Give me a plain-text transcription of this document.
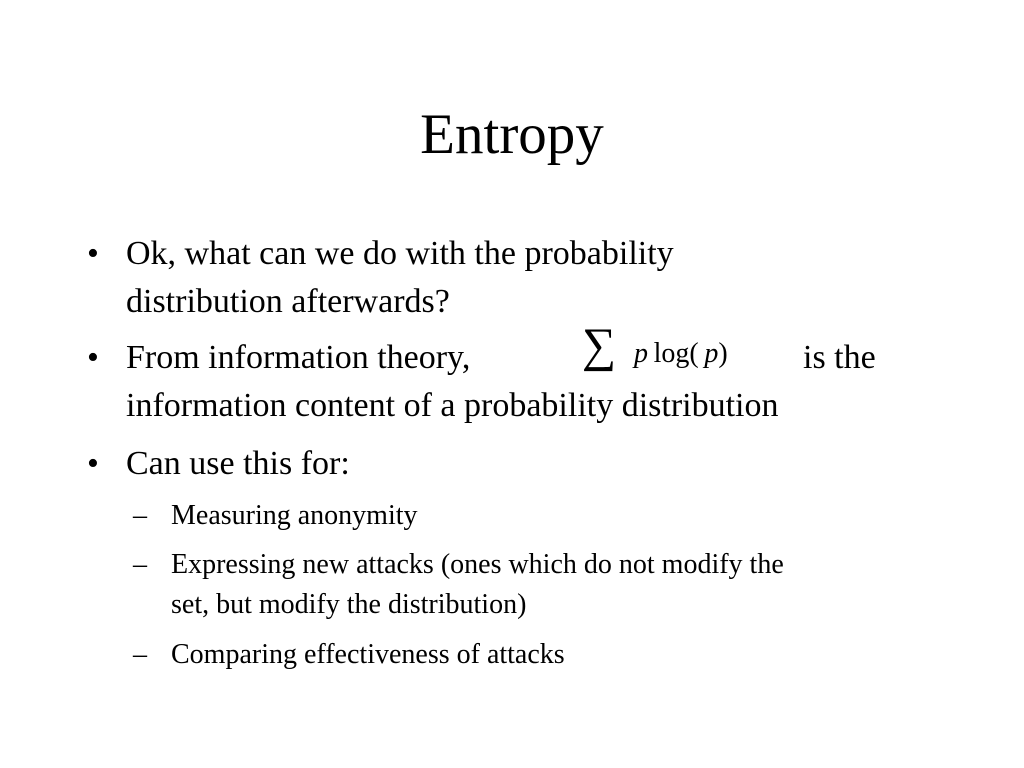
Entropy
• Ok, what can we do with the probability
distribution afterwards?
• From information theory, ∑ p  log(  p) is the
information content of a probability distribution
• Can use this for:
– Measuring anonymity
– Expressing new attacks (ones which do not modify the
set, but modify the distribution)
– Comparing effectiveness of attacks
